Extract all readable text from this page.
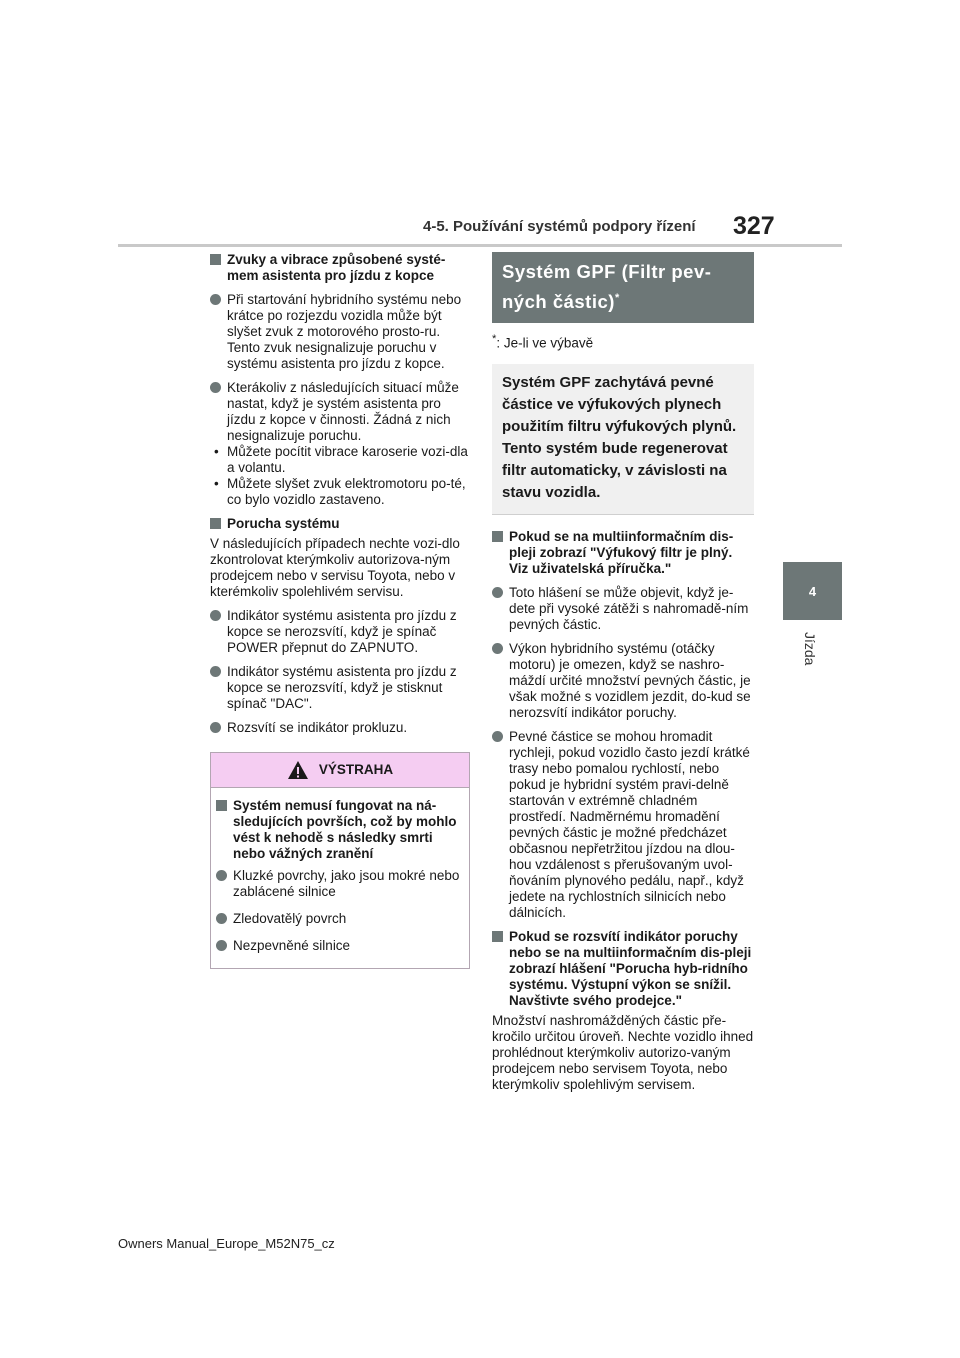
4-5. Používání systémů podpory řízení 327
4
Jízda
Zvuky a vibrace způsobené systé-mem asistenta pro jízdu z kopce
Při startování hybridního systému nebo krátce po rozjezdu vozidla může být slyšet zvuk z motorového prosto-ru. Tento zvuk nesignalizuje poruchu v systému asistenta pro jízdu z kopce.
Kterákoliv z následujících situací může nastat, když je systém asistenta pro jízdu z kopce v činnosti. Žádná z nich nesignalizuje poruchu.
• Můžete pocítit vibrace karoserie vozi-dla a volantu.
• Můžete slyšet zvuk elektromotoru po-té, co bylo vozidlo zastaveno.
Porucha systému
V následujících případech nechte vozi-dlo zkontrolovat kterýmkoliv autorizova-ným prodejcem nebo v servisu Toyota, nebo v kterémkoliv spolehlivém servisu.
Indikátor systému asistenta pro jízdu z kopce se nerozsvítí, když je spínač POWER přepnut do ZAPNUTO.
Indikátor systému asistenta pro jízdu z kopce se nerozsvítí, když je stisknut spínač "DAC".
Rozsvítí se indikátor prokluzu.
VÝSTRAHA
Systém nemusí fungovat na ná-sledujících površích, což by mohlo vést k nehodě s následky smrti nebo vážných zranění
Kluzké povrchy, jako jsou mokré nebo zablácené silnice
Zledovatělý povrch
Nezpevněné silnice
Systém GPF (Filtr pev-ných částic)*
*: Je-li ve výbavě
Systém GPF zachytává pevné částice ve výfukových plynech použitím filtru výfukových plynů.
Tento systém bude regenerovat filtr automaticky, v závislosti na stavu vozidla.
Pokud se na multiinformačním dis-pleji zobrazí "Výfukový filtr je plný. Viz uživatelská příručka."
Toto hlášení se může objevit, když je-dete při vysoké zátěži s nahromadě-ním pevných částic.
Výkon hybridního systému (otáčky motoru) je omezen, když se nashro-máždí určité množství pevných částic, je však možné s vozidlem jezdit, do-kud se nerozsvítí indikátor poruchy.
Pevné částice se mohou hromadit rychleji, pokud vozidlo často jezdí krátké trasy nebo pomalou rychlostí, nebo pokud je hybridní systém pravi-delně startován v extrémně chladném prostředí. Nadměrnému hromadění pevných částic je možné předcházet občasnou nepřetržitou jízdou na dlou-hou vzdálenost s přerušovaným uvol-ňováním plynového pedálu, např., když jedete na rychlostních silnicích nebo dálnicích.
Pokud se rozsvítí indikátor poruchy nebo se na multiinformačním dis-pleji zobrazí hlášení "Porucha hyb-ridního systému. Výstupní výkon se snížil. Navštivte svého prodejce."
Množství nashromážděných částic pře-kročilo určitou úroveň. Nechte vozidlo ihned prohlédnout kterýmkoliv autorizo-vaným prodejcem nebo servisem Toyota, nebo kterýmkoliv spolehlivým servisem.
Owners Manual_Europe_M52N75_cz
